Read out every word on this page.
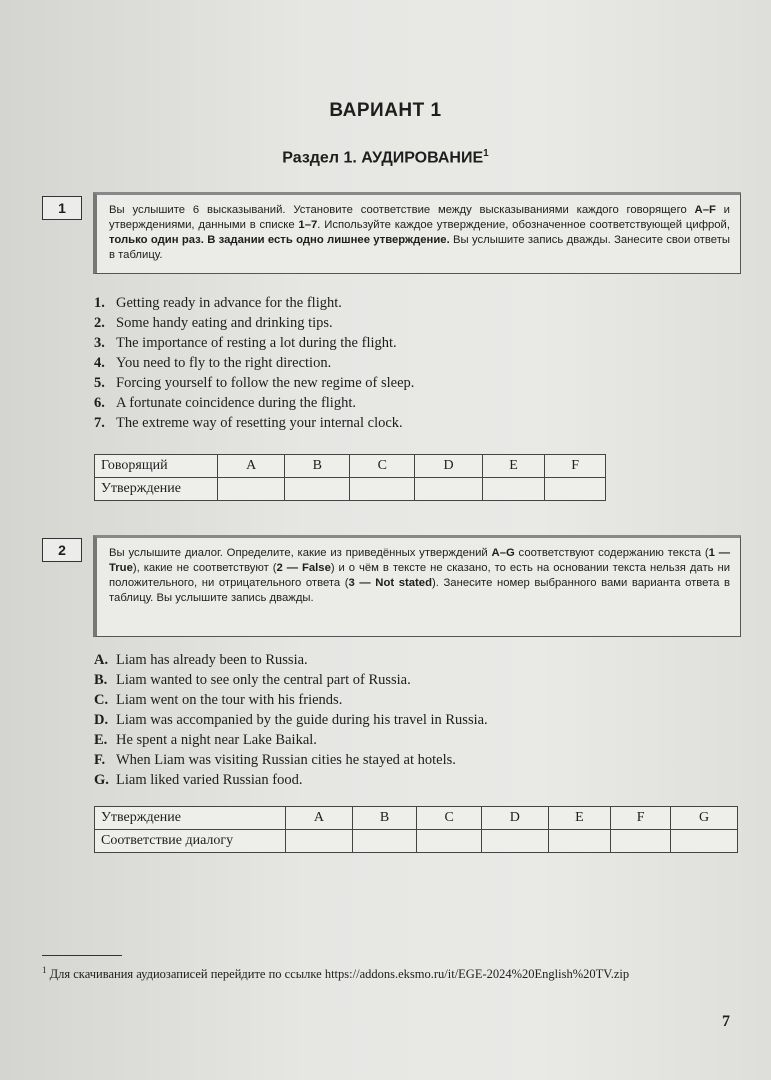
ВАРИАНТ 1
Раздел 1. АУДИРОВАНИЕ$^1$
1	Вы услышите 6 высказываний. Установите соответствие между высказываниями каждого говорящего А–F и утверждениями, данными в списке 1–7. Используйте каждое утверждение, обозначенное соответствующей цифрой, только один раз. В задании есть одно лишнее утверждение. Вы услышите запись дважды. Занесите свои ответы в таблицу.
1. Getting ready in advance for the flight.
2. Some handy eating and drinking tips.
3. The importance of resting a lot during the flight.
4. You need to fly to the right direction.
5. Forcing yourself to follow the new regime of sleep.
6. A fortunate coincidence during the flight.
7. The extreme way of resetting your internal clock.
Говорящий	A	B	C	D	E	F
Утверждение						
2	Вы услышите диалог. Определите, какие из приведённых утверждений А–G соответствуют содержанию текста (1 — True), какие не соответствуют (2 — False) и о чём в тексте не сказано, то есть на основании текста нельзя дать ни положительного, ни отрицательного ответа (3 — Not stated). Занесите номер выбранного вами варианта ответа в таблицу. Вы услышите запись дважды.
A. Liam has already been to Russia.
B. Liam wanted to see only the central part of Russia.
C. Liam went on the tour with his friends.
D. Liam was accompanied by the guide during his travel in Russia.
E. He spent a night near Lake Baikal.
F. When Liam was visiting Russian cities he stayed at hotels.
G. Liam liked varied Russian food.
Утверждение	A	B	C	D	E	F	G
Соответствие диалогу							
$^1$ Для скачивания аудиозаписей перейдите по ссылке https://addons.eksmo.ru/it/EGE-2024%20English%20TV.zip
7
